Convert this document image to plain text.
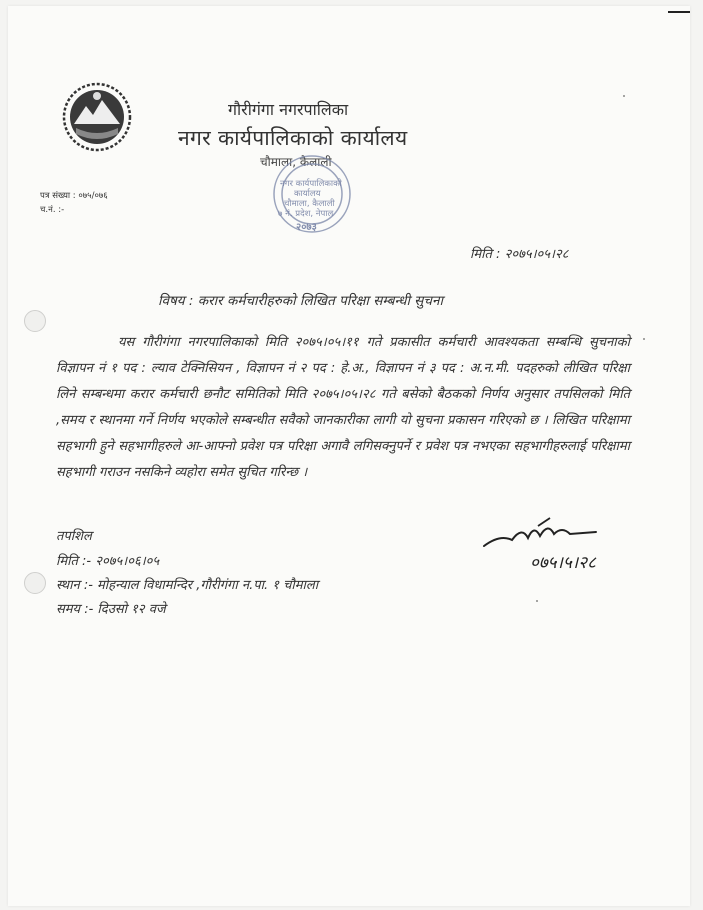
गौरीगंगा नगरपालिका
नगर कार्यपालिकाको कार्यालय
चौमाला, कैलाली
नगर कार्यपालिकाको
कार्यालय
चौमाला, कैलाली
७ नं. प्रदेश, नेपाल
२०७३
पत्र संख्या : ०७५/०७६
च.नं. :-
मिति : २०७५।०५।२८
विषय : करार कर्मचारीहरुको लिखित परिक्षा सम्बन्धी सुचना
यस गौरीगंगा नगरपालिकाको मिति २०७५।०५।११ गते प्रकासीत कर्मचारी आवश्यकता सम्बन्धि सुचनाको विज्ञापन नं १ पद : ल्याव टेक्निसियन , विज्ञापन नं २ पद : हे.अ., विज्ञापन नं ३ पद : अ.न.मी. पदहरुको लीखित परिक्षा लिने सम्बन्धमा करार कर्मचारी छनौट समितिको मिति २०७५।०५।२८ गते बसेको बैठकको निर्णय अनुसार तपसिलको मिति ,समय र स्थानमा गर्ने निर्णय भएकोले सम्बन्धीत सवैको जानकारीका लागी यो सुचना प्रकासन गरिएको छ । लिखित परिक्षामा सहभागी हुने सहभागीहरुले आ-आफ्नो प्रवेश पत्र परिक्षा अगावै लगिसक्नुपर्ने र प्रवेश पत्र नभएका सहभागीहरुलाई परिक्षामा सहभागी गराउन नसकिने व्यहोरा समेत सुचित गरिन्छ ।
तपशिल
मिति :- २०७५।०६।०५
स्थान :- मोहन्याल विधामन्दिर ,गौरीगंगा न.पा. १ चौमाला
समय :- दिउसो १२ वजे
०७५।५।२८
